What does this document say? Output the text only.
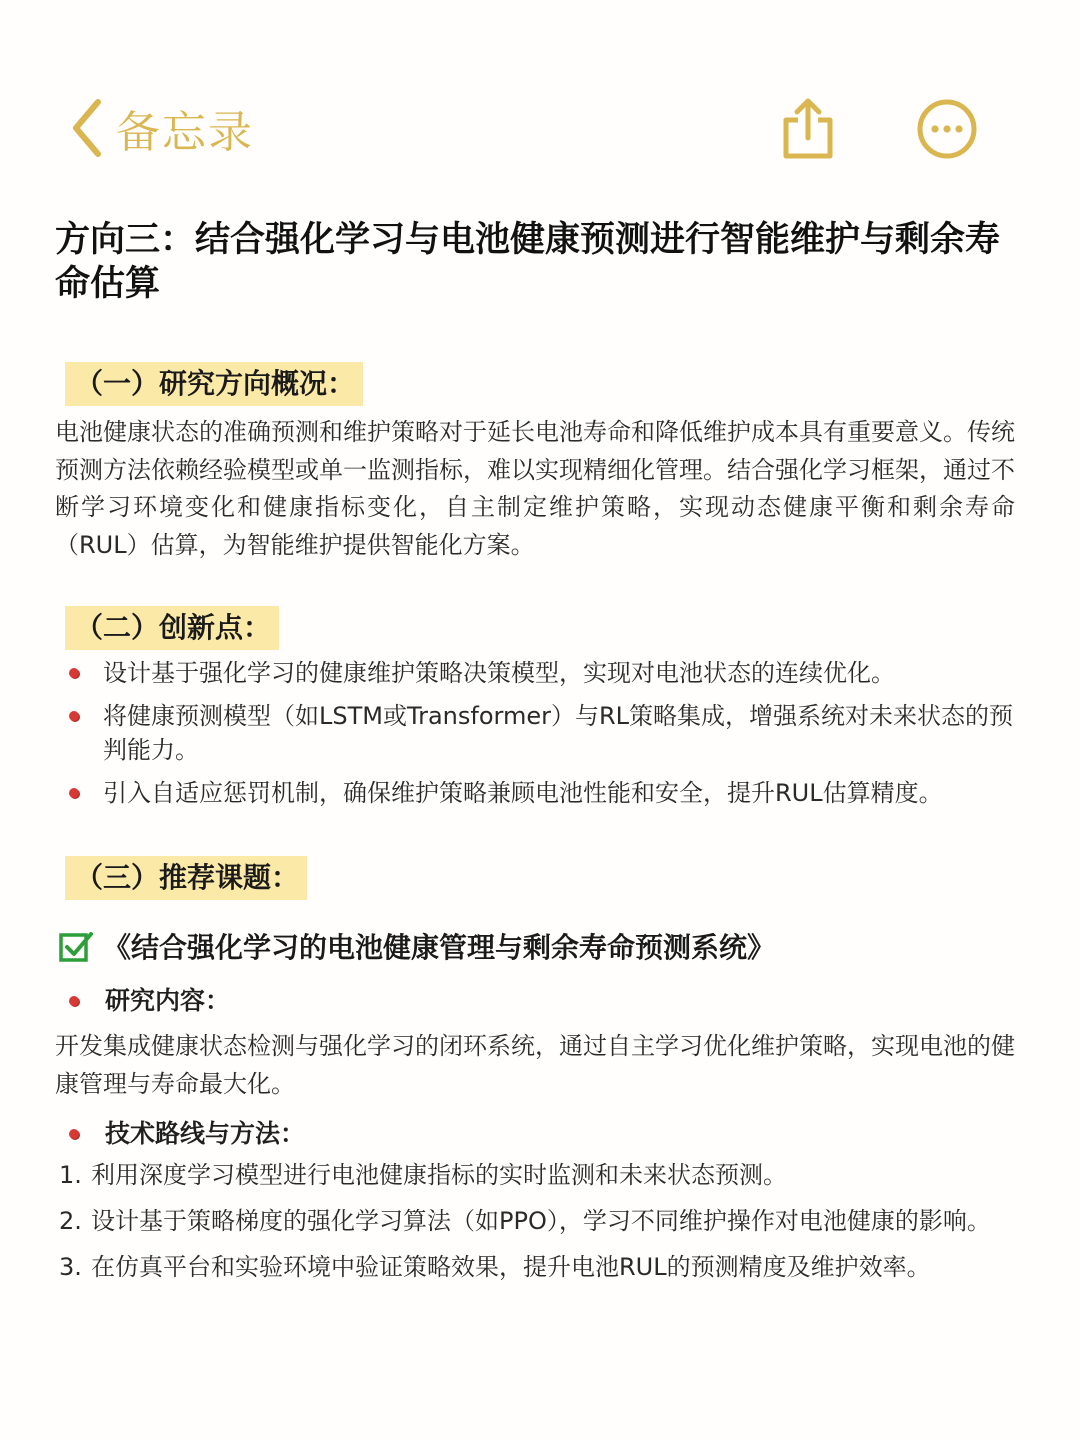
备忘录
方向三：结合强化学习与电池健康预测进行智能维护与剩余寿命估算
（一）研究方向概况：

电池健康状态的准确预测和维护策略对于延长电池寿命和降低维护成本具有重要意义。传统预测方法依赖经验模型或单一监测指标，难以实现精细化管理。结合强化学习框架，通过不断学习环境变化和健康指标变化，自主制定维护策略，实现动态健康平衡和剩余寿命（RUL）估算，为智能维护提供智能化方案。

（二）创新点：
设计基于强化学习的健康维护策略决策模型，实现对电池状态的连续优化。
将健康预测模型（如LSTM或Transformer）与RL策略集成，增强系统对未来状态的预判能力。
引入自适应惩罚机制，确保维护策略兼顾电池性能和安全，提升RUL估算精度。
（三）推荐课题：
《结合强化学习的电池健康管理与剩余寿命预测系统》
研究内容：

开发集成健康状态检测与强化学习的闭环系统，通过自主学习优化维护策略，实现电池的健康管理与寿命最大化。

技术路线与方法：
1. 利用深度学习模型进行电池健康指标的实时监测和未来状态预测。
2. 设计基于策略梯度的强化学习算法（如PPO），学习不同维护操作对电池健康的影响。
3. 在仿真平台和实验环境中验证策略效果，提升电池RUL的预测精度及维护效率。
